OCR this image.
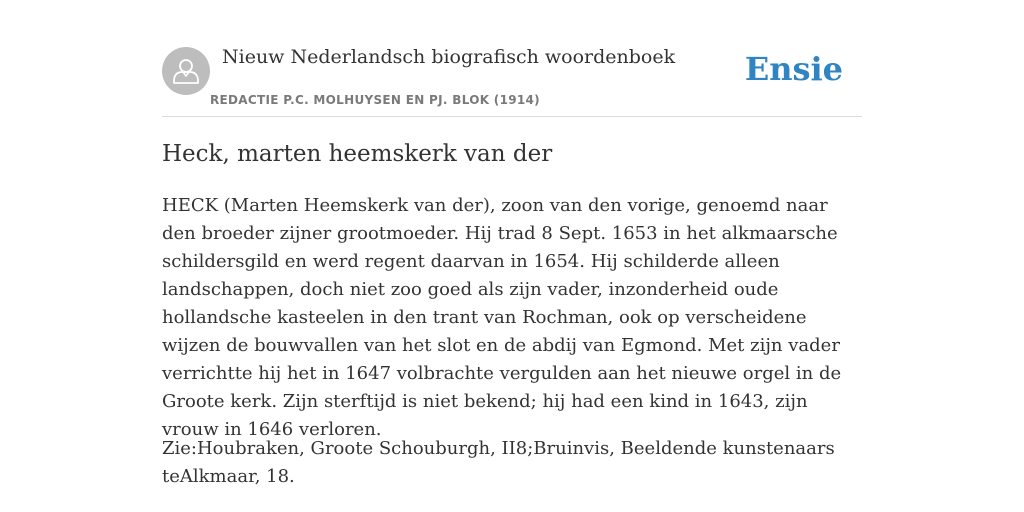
Nieuw Nederlandsch biografisch woordenboek
REDACTIE P.C. MOLHUYSEN EN PJ. BLOK (1914)
Ensie
Heck, marten heemskerk van der

HECK (Marten Heemskerk van der), zoon van den vorige, genoemd naar den broeder zijner grootmoeder. Hij trad 8 Sept. 1653 in het alkmaarsche schildersgild en werd regent daarvan in 1654. Hij schilderde alleen landschappen, doch niet zoo goed als zijn vader, inzonderheid oude hollandsche kasteelen in den trant van Rochman, ook op verscheidene wijzen de bouwvallen van het slot en de abdij van Egmond. Met zijn vader verrichtte hij het in 1647 volbrachte vergulden aan het nieuwe orgel in de Groote kerk. Zijn sterftijd is niet bekend; hij had een kind in 1643, zijn vrouw in 1646 verloren.

Zie:Houbraken, Groote Schouburgh, II8;Bruinvis, Beeldende kunstenaars teAlkmaar, 18.
